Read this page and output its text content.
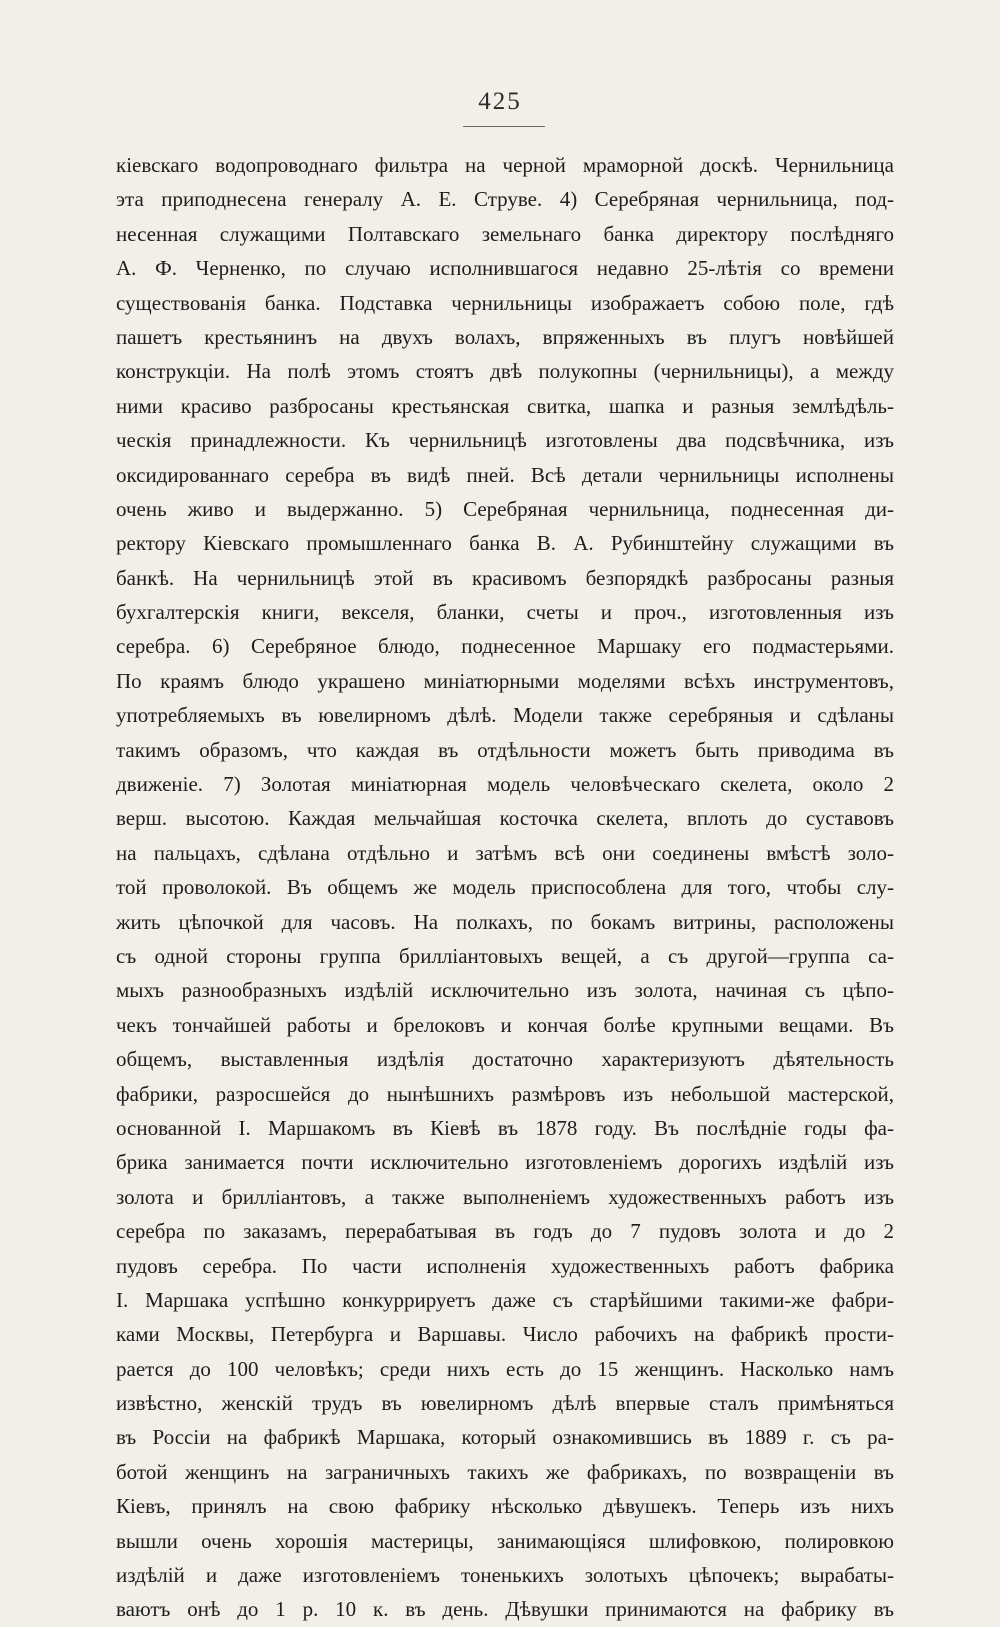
425
кіевскаго водопроводнаго фильтра на черной мраморной доскѣ. Чернильница
эта приподнесена генералу А. Е. Струве. 4) Серебряная чернильница, под-
несенная служащими Полтавскаго земельнаго банка директору послѣдняго
А. Ф. Черненко, по случаю исполнившагося недавно 25-лѣтія со времени
существованія банка. Подставка чернильницы изображаетъ собою поле, гдѣ
пашетъ крестьянинъ на двухъ волахъ, впряженныхъ въ плугъ новѣйшей
конструкціи. На полѣ этомъ стоятъ двѣ полукопны (чернильницы), а между
ними красиво разбросаны крестьянская свитка, шапка и разныя землѣдѣль-
ческія принадлежности. Къ чернильницѣ изготовлены два подсвѣчника, изъ
оксидированнаго серебра въ видѣ пней. Всѣ детали чернильницы исполнены
очень живо и выдержанно. 5) Серебряная чернильница, поднесенная ди-
ректору Кіевскаго промышленнаго банка В. А. Рубинштейну служащими въ
банкѣ. На чернильницѣ этой въ красивомъ безпорядкѣ разбросаны разныя
бухгалтерскія книги, векселя, бланки, счеты и проч., изготовленныя изъ
серебра. 6) Серебряное блюдо, поднесенное Маршаку его подмастерьями.
По краямъ блюдо украшено миніатюрными моделями всѣхъ инструментовъ,
употребляемыхъ въ ювелирномъ дѣлѣ. Модели также серебряныя и сдѣланы
такимъ образомъ, что каждая въ отдѣльности можетъ быть приводима въ
движеніе. 7) Золотая миніатюрная модель человѣческаго скелета, около 2
верш. высотою. Каждая мельчайшая косточка скелета, вплоть до суставовъ
на пальцахъ, сдѣлана отдѣльно и затѣмъ всѣ они соединены вмѣстѣ золо-
той проволокой. Въ общемъ же модель приспособлена для того, чтобы слу-
жить цѣпочкой для часовъ. На полкахъ, по бокамъ витрины, расположены
съ одной стороны группа брилліантовыхъ вещей, а съ другой—группа са-
мыхъ разнообразныхъ издѣлій исключительно изъ золота, начиная съ цѣпо-
чекъ тончайшей работы и брелоковъ и кончая болѣе крупными вещами. Въ
общемъ, выставленныя издѣлія достаточно характеризуютъ дѣятельность
фабрики, разросшейся до нынѣшнихъ размѣровъ изъ небольшой мастерской,
основанной I. Маршакомъ въ Кіевѣ въ 1878 году. Въ послѣдніе годы фа-
брика занимается почти исключительно изготовленіемъ дорогихъ издѣлій изъ
золота и брилліантовъ, а также выполненіемъ художественныхъ работъ изъ
серебра по заказамъ, перерабатывая въ годъ до 7 пудовъ золота и до 2
пудовъ серебра. По части исполненія художественныхъ работъ фабрика
I. Маршака успѣшно конкуррируетъ даже съ старѣйшими такими-же фабри-
ками Москвы, Петербурга и Варшавы. Число рабочихъ на фабрикѣ прости-
рается до 100 человѣкъ; среди нихъ есть до 15 женщинъ. Насколько намъ
извѣстно, женскій трудъ въ ювелирномъ дѣлѣ впервые сталъ примѣняться
въ Россіи на фабрикѣ Маршака, который ознакомившись въ 1889 г. съ ра-
ботой женщинъ на заграничныхъ такихъ же фабрикахъ, по возвращеніи въ
Кіевъ, принялъ на свою фабрику нѣсколько дѣвушекъ. Теперь изъ нихъ
вышли очень хорошія мастерицы, занимающіяся шлифовкою, полировкою
издѣлій и даже изготовленіемъ тоненькихъ золотыхъ цѣпочекъ; вырабаты-
ваютъ онѣ до 1 р. 10 к. въ день. Дѣвушки принимаются на фабрику въ
